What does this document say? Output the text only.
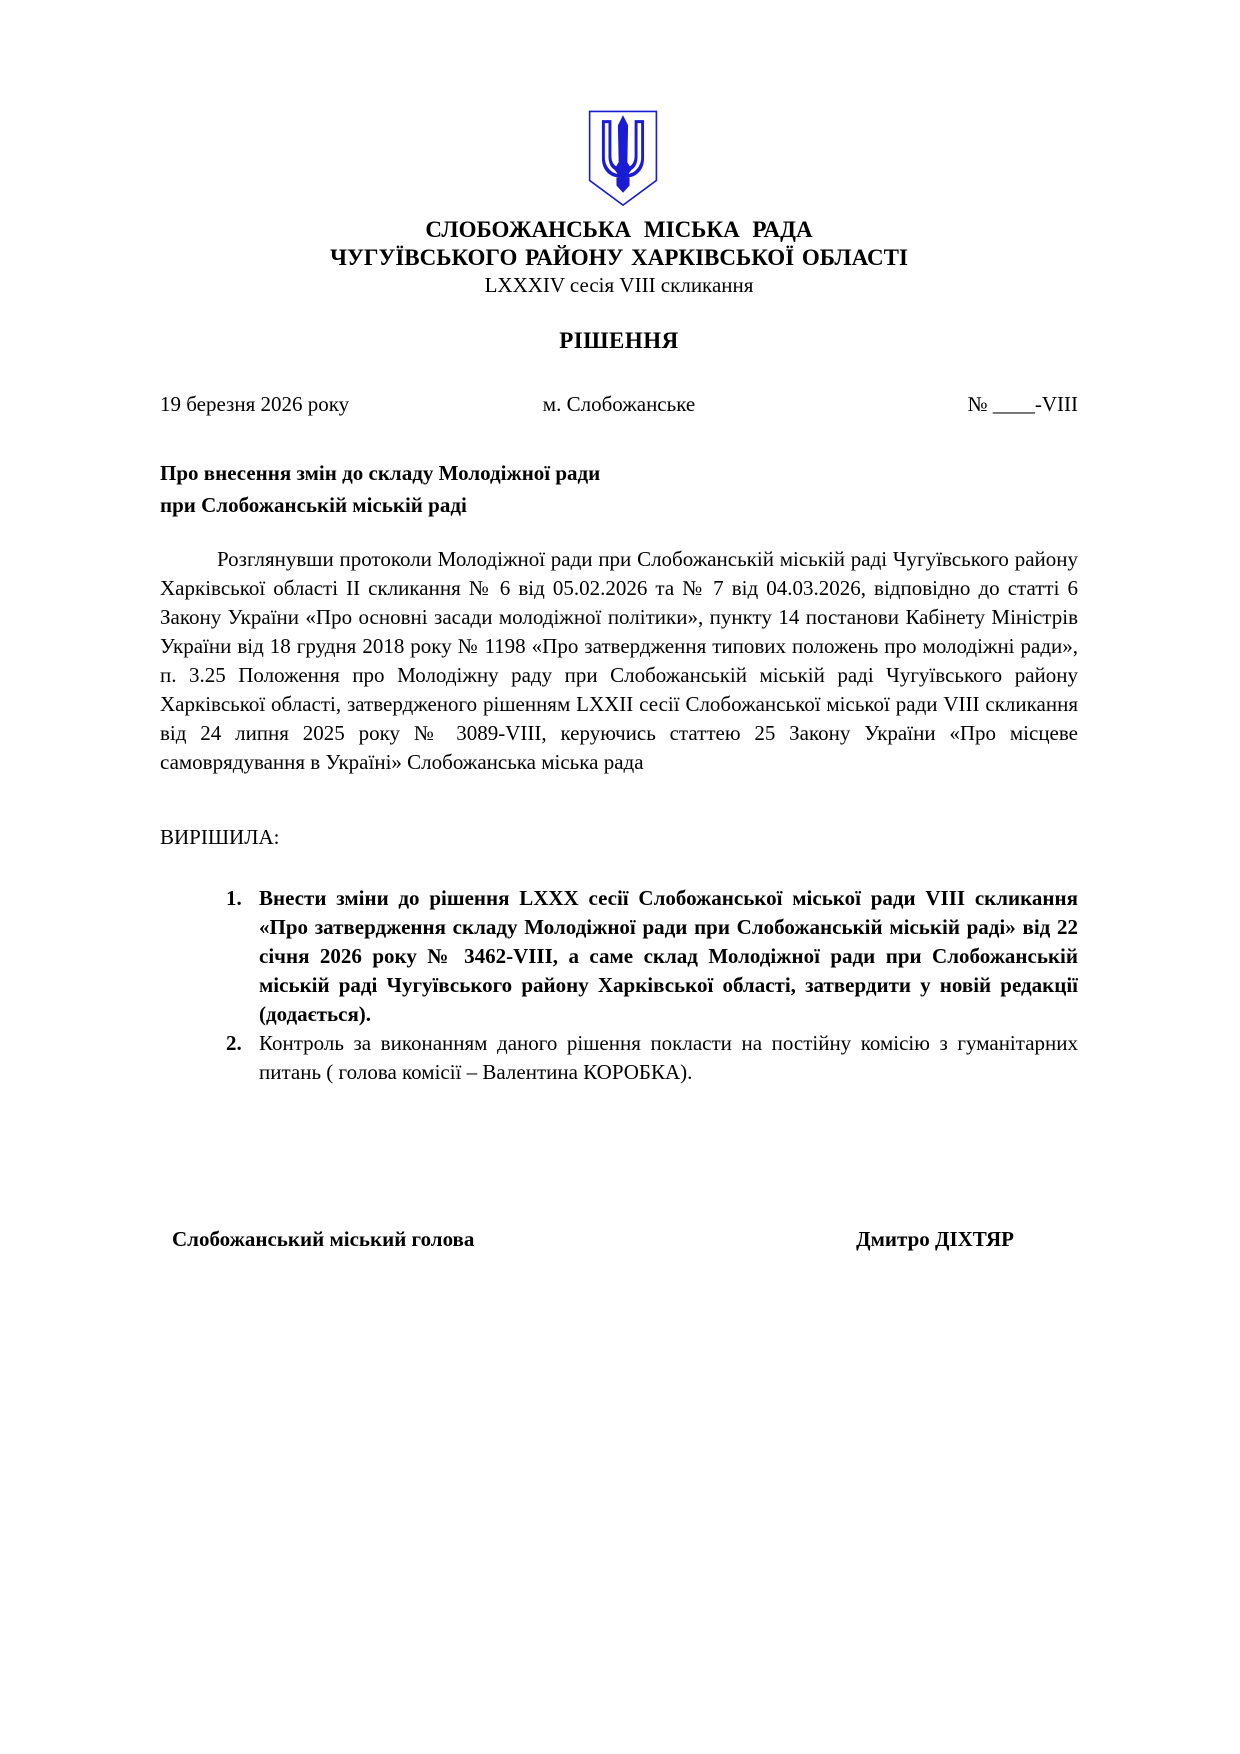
СЛОБОЖАНСЬКА МІСЬКА РАДА

ЧУГУЇВСЬКОГО РАЙОНУ ХАРКІВСЬКОЇ ОБЛАСТІ

LXXXIV сесія VIII скликання

РІШЕННЯ
19 березня 2026 року	м. Слобожанське	№ ____-VIII
Про внесення змін до складу Молодіжної ради
при Слобожанській міській раді

Розглянувши протоколи Молодіжної ради при Слобожанській міській раді Чугуївського району Харківської області ІІ скликання № 6 від 05.02.2026 та № 7 від 04.03.2026, відповідно до статті 6 Закону України «Про основні засади молодіжної політики», пункту 14 постанови Кабінету Міністрів України від 18 грудня 2018 року № 1198 «Про затвердження типових положень про молодіжні ради», п. 3.25 Положення про Молодіжну раду при Слобожанській міській раді Чугуївського району Харківської області, затвердженого рішенням LXXII сесії Слобожанської міської ради VIII скликання від 24 липня 2025 року № 3089-VIII, керуючись статтею 25 Закону України «Про місцеве самоврядування в Україні» Слобожанська міська рада

ВИРІШИЛА:
1. Внести зміни до рішення LXXX сесії Слобожанської міської ради VIII скликання «Про затвердження складу Молодіжної ради при Слобожанській міській раді» від 22 січня 2026 року № 3462-VIII, а саме склад Молодіжної ради при Слобожанській міській раді Чугуївського району Харківської області, затвердити у новій редакції (додається).
2. Контроль за виконанням даного рішення покласти на постійну комісію з гуманітарних питань ( голова комісії – Валентина КОРОБКА).
Слобожанський міський голова	Дмитро ДІХТЯР
